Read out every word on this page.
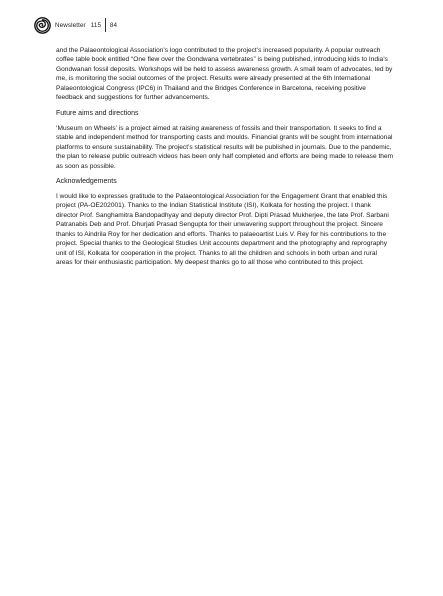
Newsletter 115 84

and the Palaeontological Association’s logo contributed to the project’s increased popularity. A popular outreach coffee table book entitled “One flew over the Gondwana vertebrates” is being published, introducing kids to India’s Gondwanan fossil deposits. Workshops will be held to assess awareness growth. A small team of advocates, led by me, is monitoring the social outcomes of the project. Results were already presented at the 6th International Palaeontological Congress (IPC6) in Thailand and the Bridges Conference in Barcelona, receiving positive feedback and suggestions for further advancements.

Future aims and directions

‘Museum on Wheels’ is a project aimed at raising awareness of fossils and their transportation. It seeks to find a stable and independent method for transporting casts and moulds. Financial grants will be sought from international platforms to ensure sustainability. The project’s statistical results will be published in journals. Due to the pandemic, the plan to release public outreach videos has been only half completed and efforts are being made to release them as soon as possible.

Acknowledgements

I would like to expresses gratitude to the Palaeontological Association for the Engagement Grant that enabled this project (PA-OE202001). Thanks to the Indian Statistical Institute (ISI), Kolkata for hosting the project. I thank director Prof. Sanghamitra Bandopadhyay and deputy director Prof. Dipti Prasad Mukherjee, the late Prof. Sarbani Patranabis Deb and Prof. Dhurjati Prasad Sengupta for their unwavering support throughout the project. Sincere thanks to Aindrila Roy for her dedication and efforts. Thanks to palaeoartist Luis V. Rey for his contributions to the project. Special thanks to the Geological Studies Unit accounts department and the photography and reprography unit of ISI, Kolkata for cooperation in the project. Thanks to all the children and schools in both urban and rural areas for their enthusiastic participation. My deepest thanks go to all those who contributed to this project.
